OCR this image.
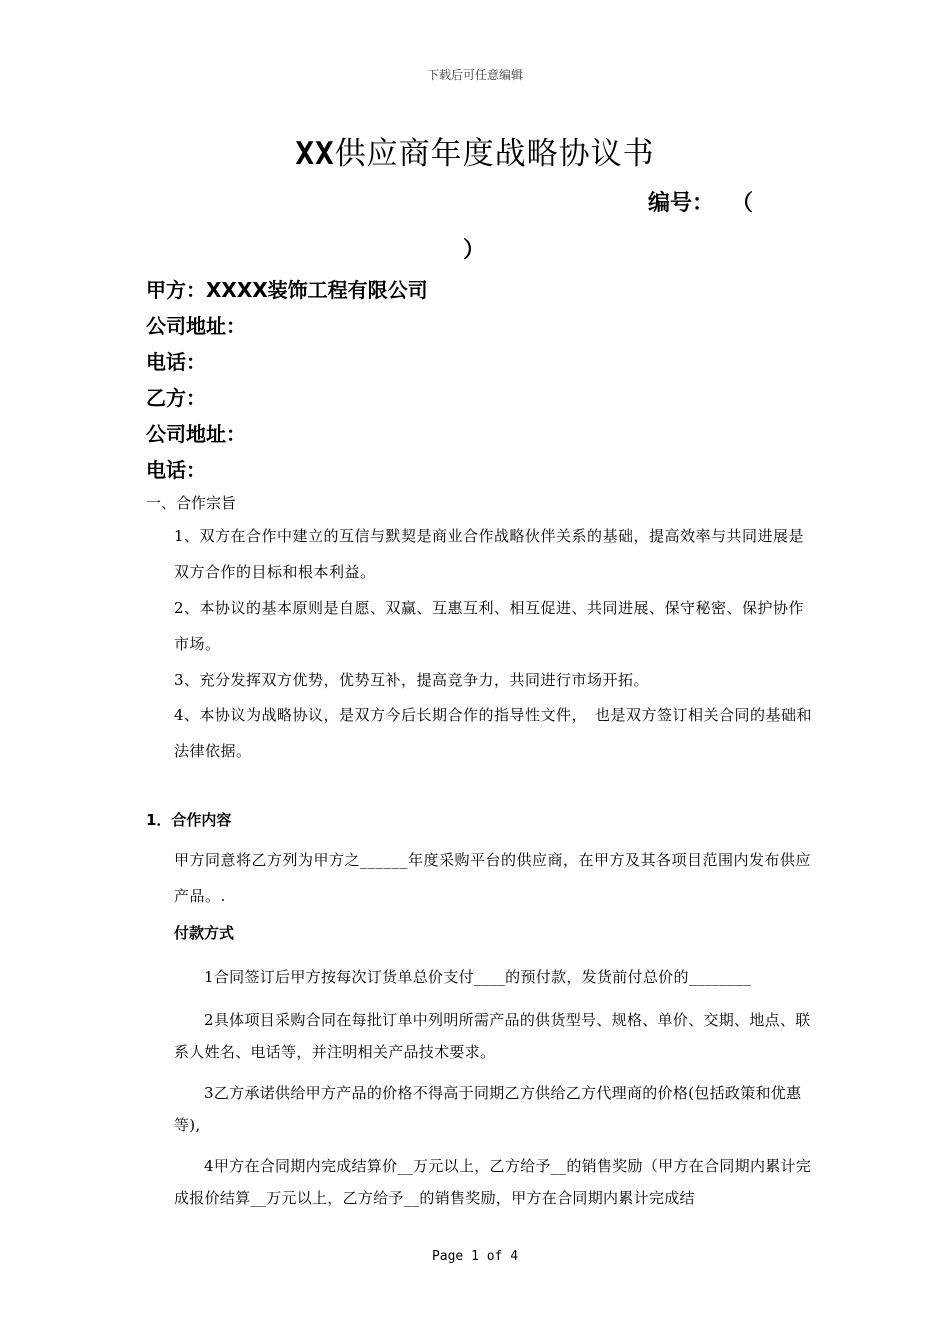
下载后可任意编辑
XX供应商年度战略协议书
编号： （
）
甲方：XXXX装饰工程有限公司
公司地址：
电话：
乙方：
公司地址：
电话：
一、合作宗旨
1、双方在合作中建立的互信与默契是商业合作战略伙伴关系的基础，提高效率与共同进展是双方合作的目标和根本利益。
2、本协议的基本原则是自愿、双赢、互惠互利、相互促进、共同进展、保守秘密、保护协作市场。
3、充分发挥双方优势，优势互补，提高竞争力，共同进行市场开拓。
4、本协议为战略协议，是双方今后长期合作的指导性文件，　也是双方签订相关合同的基础和法律依据。
1．合作内容
甲方同意将乙方列为甲方之______年度采购平台的供应商，在甲方及其各项目范围内发布供应产品。.
付款方式
1合同签订后甲方按每次订货单总价支付____的预付款，发货前付总价的________
2具体项目采购合同在每批订单中列明所需产品的供货型号、规格、单价、交期、地点、联系人姓名、电话等，并注明相关产品技术要求。
3乙方承诺供给甲方产品的价格不得高于同期乙方供给乙方代理商的价格(包括政策和优惠等),
4甲方在合同期内完成结算价__万元以上，乙方给予__的销售奖励（甲方在合同期内累计完成报价结算__万元以上，乙方给予__的销售奖励，甲方在合同期内累计完成结
Page 1 of 4
